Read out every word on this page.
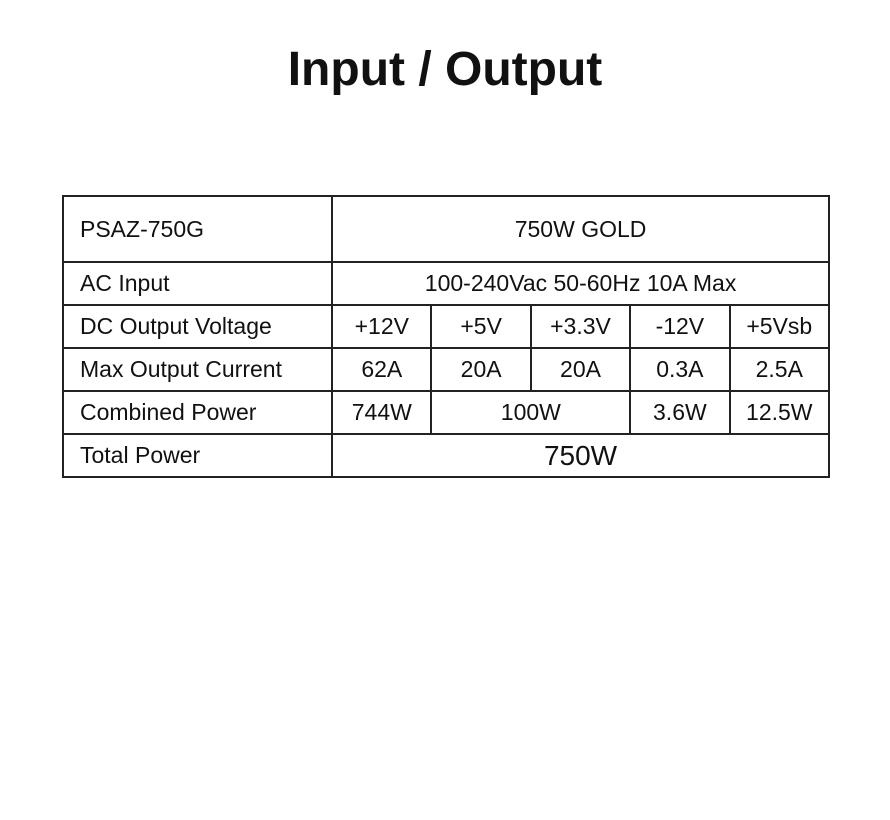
Input / Output
PSAZ-750G	750W GOLD				
AC Input	100-240Vac 50-60Hz 10A Max				
DC Output Voltage	+12V	+5V	+3.3V	-12V	+5Vsb
Max Output Current	62A	20A	20A	0.3A	2.5A
Combined Power	744W	100W		3.6W	12.5W
Total Power	750W				
